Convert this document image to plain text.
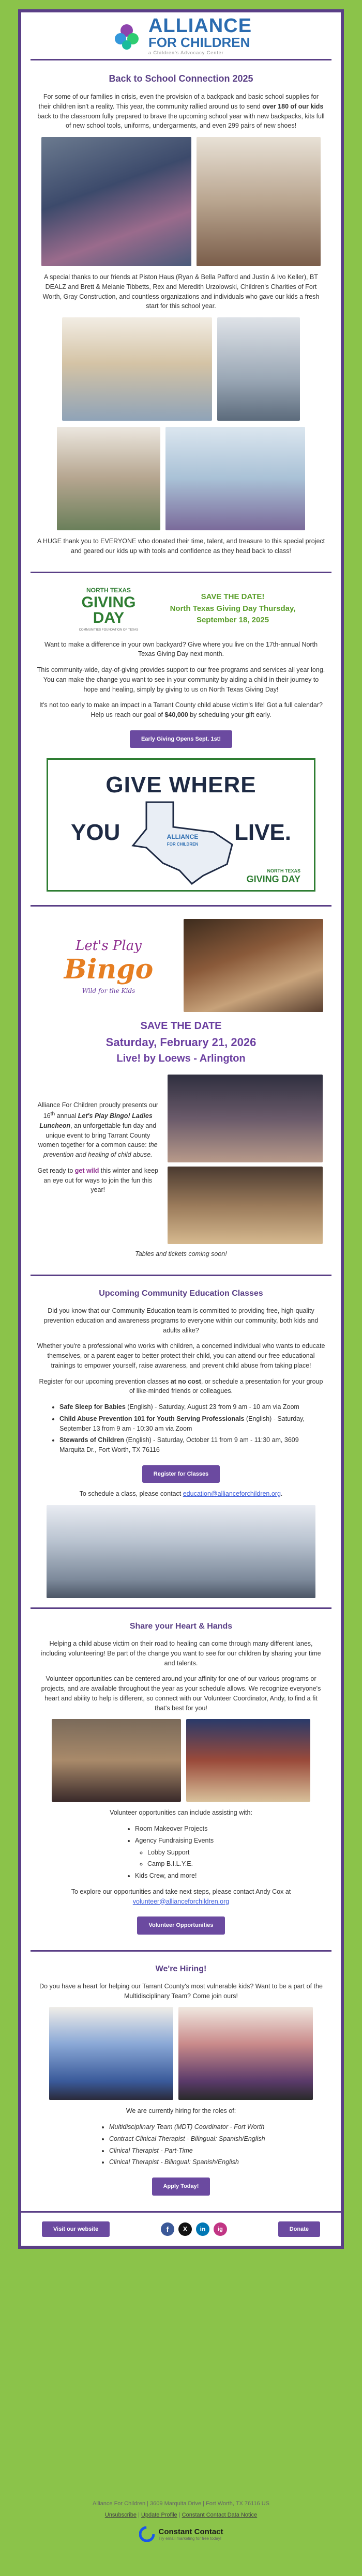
ALLIANCE
FOR CHILDREN
a Children's Advocacy Center
Back to School Connection 2025

For some of our families in crisis, even the provision of a backpack and basic school supplies for their children isn't a reality. This year, the community rallied around us to send over 180 of our kids back to the classroom fully prepared to brave the upcoming school year with new backpacks, kits full of new school tools, uniforms, undergarments, and even 299 pairs of new shoes!

A special thanks to our friends at Piston Haus (Ryan & Bella Pafford and Justin & Ivo Keller), BT DEALZ and Brett & Melanie Tibbetts, Rex and Meredith Urzolowski, Children's Charities of Fort Worth, Gray Construction, and countless organizations and individuals who gave our kids a fresh start for this school year.

A HUGE thank you to EVERYONE who donated their time, talent, and treasure to this special project and geared our kids up with tools and confidence as they head back to class!

NORTH TEXAS
GIVING
DAY
COMMUNITIES FOUNDATION OF TEXAS
SAVE THE DATE!
North Texas Giving Day Thursday, September 18, 2025

Want to make a difference in your own backyard? Give where you live on the 17th-annual North Texas Giving Day next month.

This community-wide, day-of-giving provides support to our free programs and services all year long. You can make the change you want to see in your community by aiding a child in their journey to hope and healing, simply by giving to us on North Texas Giving Day!

It's not too early to make an impact in a Tarrant County child abuse victim's life! Got a full calendar? Help us reach our goal of $40,000 by scheduling your gift early.

Early Giving Opens Sept. 1st!
GIVE WHERE
YOU	LIVE.
ALLIANCE
FOR CHILDREN
NORTH TEXAS
GIVING DAY
Let's Play
Bingo
Wild for the Kids
SAVE THE DATE
Saturday, February 21, 2026
Live! by Loews - Arlington

Alliance For Children proudly presents our 16th annual Let's Play Bingo! Ladies Luncheon, an unforgettable fun day and unique event to bring Tarrant County women together for a common cause: the prevention and healing of child abuse.

Get ready to get wild this winter and keep an eye out for ways to join the fun this year!

Tables and tickets coming soon!

Upcoming Community Education Classes

Did you know that our Community Education team is committed to providing free, high-quality prevention education and awareness programs to everyone within our community, both kids and adults alike?

Whether you're a professional who works with children, a concerned individual who wants to educate themselves, or a parent eager to better protect their child, you can attend our free educational trainings to empower yourself, raise awareness, and prevent child abuse from taking place!

Register for our upcoming prevention classes at no cost, or schedule a presentation for your group of like-minded friends or colleagues.

• Safe Sleep for Babies (English) - Saturday, August 23 from 9 am - 10 am via Zoom
• Child Abuse Prevention 101 for Youth Serving Professionals (English) - Saturday, September 13 from 9 am - 10:30 am via Zoom
• Stewards of Children (English) - Saturday, October 11 from 9 am - 11:30 am, 3609 Marquita Dr., Fort Worth, TX 76116
Register for Classes

To schedule a class, please contact education@allianceforchildren.org.

Share your Heart & Hands

Helping a child abuse victim on their road to healing can come through many different lanes, including volunteering! Be part of the change you want to see for our children by sharing your time and talents.

Volunteer opportunities can be centered around your affinity for one of our various programs or projects, and are available throughout the year as your schedule allows. We recognize everyone's heart and ability to help is different, so connect with our Volunteer Coordinator, Andy, to find a fit that's best for you!

Volunteer opportunities can include assisting with:

• Room Makeover Projects
• Agency Fundraising Events
◦ Lobby Support
◦ Camp B.I.L.Y.E.
• Kids Crew, and more!

To explore our opportunities and take next steps, please contact Andy Cox at
volunteer@allianceforchildren.org

Volunteer Opportunities
We're Hiring!

Do you have a heart for helping our Tarrant County's most vulnerable kids? Want to be a part of the Multidisciplinary Team? Come join ours!

We are currently hiring for the roles of:

• Multidisciplinary Team (MDT) Coordinator - Fort Worth
• Contract Clinical Therapist - Bilingual: Spanish/English
• Clinical Therapist - Part-Time
• Clinical Therapist - Bilingual: Spanish/English
Apply Today!
Visit our website	f	X	in	ig	Donate
Alliance For Children | 3609 Marquita Drive | Fort Worth, TX 76116 US
Unsubscribe | Update Profile | Constant Contact Data Notice
Constant Contact
Try email marketing for free today!
